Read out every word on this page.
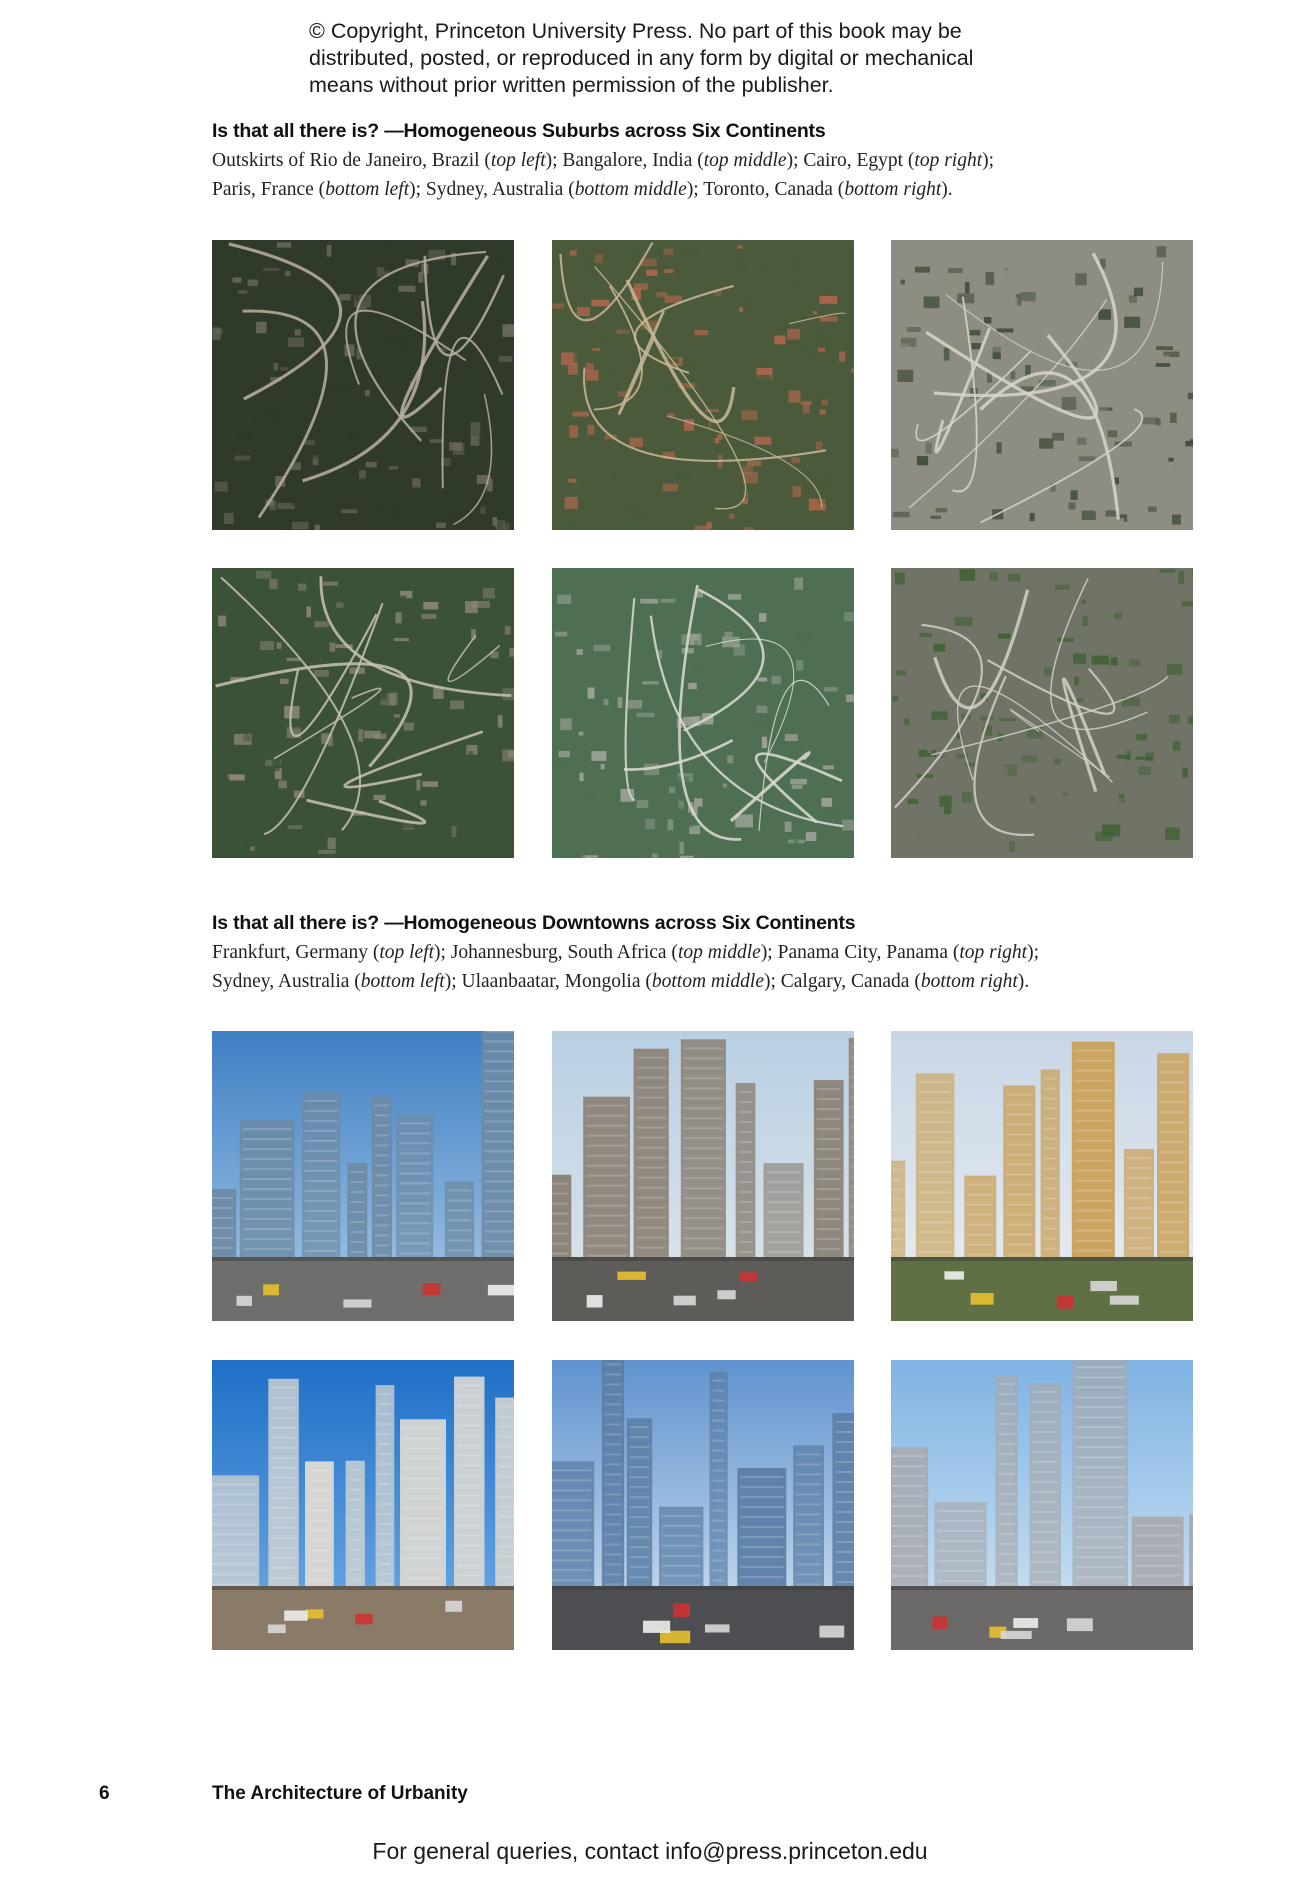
© Copyright, Princeton University Press. No part of this book may be
distributed, posted, or reproduced in any form by digital or mechanical
means without prior written permission of the publisher.
Is that all there is? —Homogeneous Suburbs across Six Continents
Outskirts of Rio de Janeiro, Brazil (top left); Bangalore, India (top middle); Cairo, Egypt (top right);
Paris, France (bottom left); Sydney, Australia (bottom middle); Toronto, Canada (bottom right).
Is that all there is? —Homogeneous Downtowns across Six Continents
Frankfurt, Germany (top left); Johannesburg, South Africa (top middle); Panama City, Panama (top right);
Sydney, Australia (bottom left); Ulaanbaatar, Mongolia (bottom middle); Calgary, Canada (bottom right).
6	The Architecture of Urbanity
For general queries, contact info@press.princeton.edu
